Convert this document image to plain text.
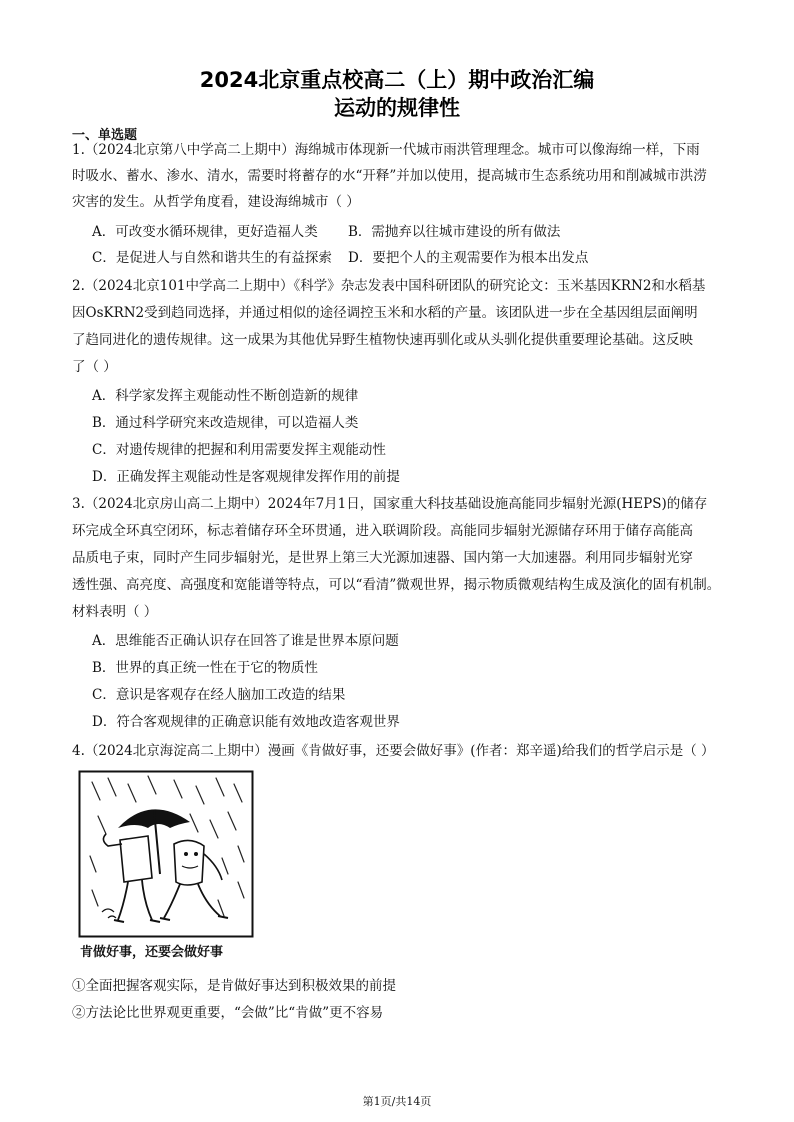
2024北京重点校高二（上）期中政治汇编
运动的规律性
一、单选题
1.（2024北京第八中学高二上期中）海绵城市体现新一代城市雨洪管理理念。城市可以像海绵一样，下雨
时吸水、蓄水、渗水、清水，需要时将蓄存的水“开释”并加以使用，提高城市生态系统功用和削减城市洪涝
灾害的发生。从哲学角度看，建设海绵城市（ ）
A．可改变水循环规律，更好造福人类 B．需抛弃以往城市建设的所有做法
C．是促进人与自然和谐共生的有益探索 D．要把个人的主观需要作为根本出发点
2.（2024北京101中学高二上期中）《科学》杂志发表中国科研团队的研究论文：玉米基因KRN2和水稻基
因OsKRN2受到趋同选择，并通过相似的途径调控玉米和水稻的产量。该团队进一步在全基因组层面阐明
了趋同进化的遗传规律。这一成果为其他优异野生植物快速再驯化或从头驯化提供重要理论基础。这反映
了（ ）
A．科学家发挥主观能动性不断创造新的规律
B．通过科学研究来改造规律，可以造福人类
C．对遗传规律的把握和利用需要发挥主观能动性
D．正确发挥主观能动性是客观规律发挥作用的前提
3.（2024北京房山高二上期中）2024年7月1日，国家重大科技基础设施高能同步辐射光源(HEPS)的储存
环完成全环真空闭环，标志着储存环全环贯通，进入联调阶段。高能同步辐射光源储存环用于储存高能高
品质电子束，同时产生同步辐射光，是世界上第三大光源加速器、国内第一大加速器。利用同步辐射光穿
透性强、高亮度、高强度和宽能谱等特点，可以“看清”微观世界，揭示物质微观结构生成及演化的固有机制。
材料表明（ ）
A．思维能否正确认识存在回答了谁是世界本原问题
B．世界的真正统一性在于它的物质性
C．意识是客观存在经人脑加工改造的结果
D．符合客观规律的正确意识能有效地改造客观世界
4.（2024北京海淀高二上期中）漫画《肯做好事，还要会做好事》(作者：郑辛遥)给我们的哲学启示是（ ）
肯做好事，还要会做好事
①全面把握客观实际，是肯做好事达到积极效果的前提
②方法论比世界观更重要，“会做”比“肯做”更不容易
第1页/共14页
